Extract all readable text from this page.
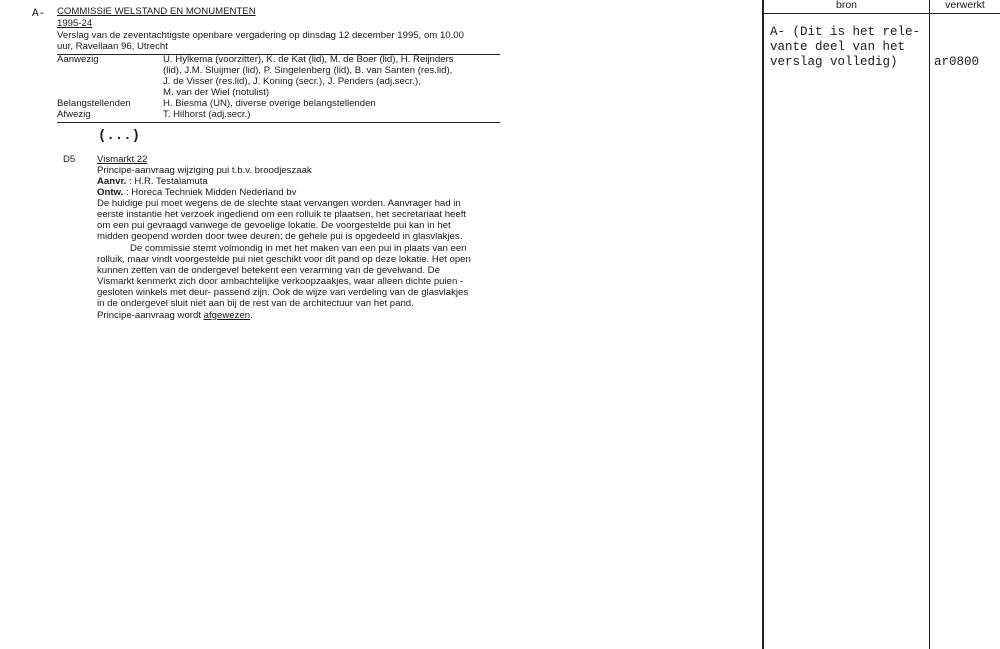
A- COMMISSIE WELSTAND EN MONUMENTEN
1995-24
Verslag van de zeventachtigste openbare vergadering op dinsdag 12 december 1995, om 10.00
uur, Ravellaan 96, Utrecht
Aanwezig	U. Hylkema (voorzitter), K. de Kat (lid), M. de Boer (lid), H. Reijnders
(lid), J.M. Sluijmer (lid), P. Singelenberg (lid), B. van Santen (res.lid),
J. de Visser (res.lid), J. Koning (secr.), J. Penders (adj.secr.),
M. van der Wiel (notulist)
Belangstellenden	H. Biesma (UN), diverse overige belangstellenden
Afwezig	T. Hilhorst (adj.secr.)
(...)
D5 Vismarkt 22
Principe-aanvraag wijziging pui t.b.v. broodjeszaak
Aanvr. : H.R. Testalamuta
Ontw. : Horeca Techniek Midden Nederland bv
De huidige pui moet wegens de de slechte staat vervangen worden. Aanvrager had in
eerste instantie het verzoek ingediend om een rolluik te plaatsen, het secretariaat heeft
om een pui gevraagd vanwege de gevoelige lokatie. De voorgestelde pui kan in het
midden geopend worden door twee deuren; de gehele pui is opgedeeld in glasvlakjes.
De commissie stemt volmondig in met het maken van een pui in plaats van een
rolluik, maar vindt voorgestelde pui niet geschikt voor dit pand op deze lokatie. Het open
kunnen zetten van de ondergevel betekent een verarming van de gevelwand. De
Vismarkt kenmerkt zich door ambachtelijke verkoopzaakjes, waar alleen dichte puien -
gesloten winkels met deur- passend zijn. Ook de wijze van verdeling van de glasvlakjes
in de ondergevel sluit niet aan bij de rest van de architectuur van het pand.
Principe-aanvraag wordt afgewezen.
bron	verwerkt
A- (Dit is het rele-
vante deel van het
verslag volledig)	ar0800
